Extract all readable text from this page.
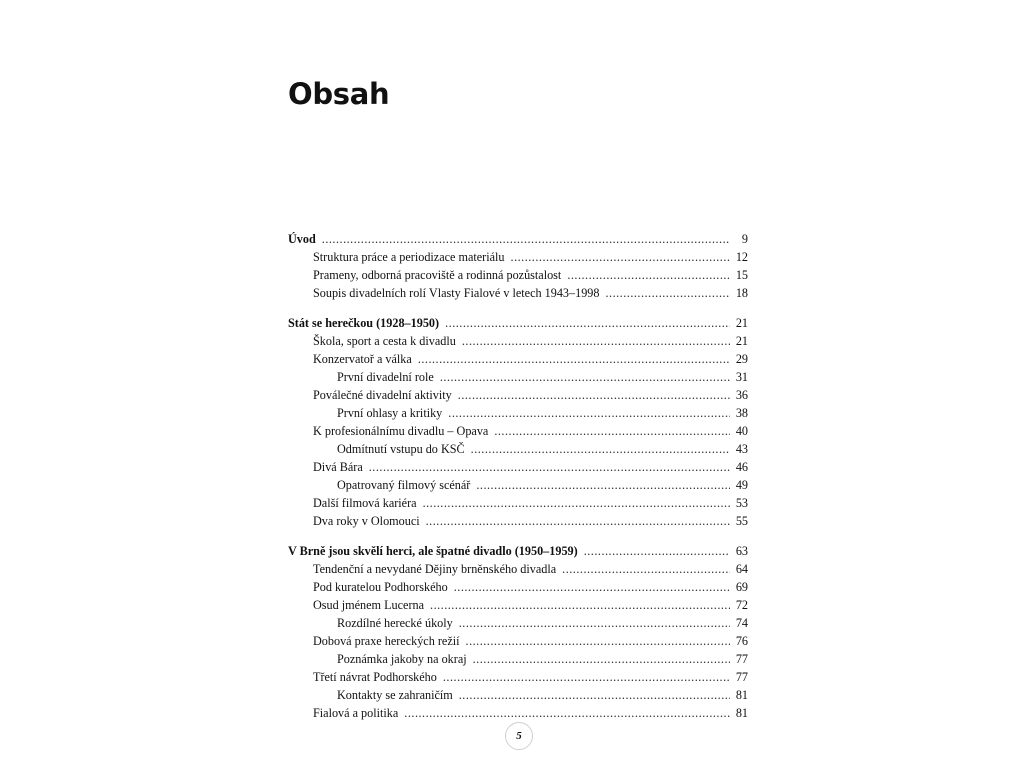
Obsah
Úvod .....	9
Struktura práce a periodizace materiálu .....	12
Prameny, odborná pracoviště a rodinná pozůstalost .....	15
Soupis divadelních rolí Vlasty Fialové v letech 1943–1998 .....	18
Stát se herečkou (1928–1950) .....	21
Škola, sport a cesta k divadlu .....	21
Konzervatoř a válka .....	29
První divadelní role .....	31
Poválečné divadelní aktivity .....	36
První ohlasy a kritiky .....	38
K profesionálnímu divadlu – Opava .....	40
Odmítnutí vstupu do KSČ .....	43
Divá Bára .....	46
Opatrovaný filmový scénář .....	49
Další filmová kariéra .....	53
Dva roky v Olomouci .....	55
V Brně jsou skvělí herci, ale špatné divadlo (1950–1959) .....	63
Tendenční a nevydané Dějiny brněnského divadla .....	64
Pod kuratelou Podhorského .....	69
Osud jménem Lucerna .....	72
Rozdílné herecké úkoly .....	74
Dobová praxe hereckých režií .....	76
Poznámka jakoby na okraj .....	77
Třetí návrat Podhorského .....	77
Kontakty se zahraničím .....	81
Fialová a politika .....	81
5
